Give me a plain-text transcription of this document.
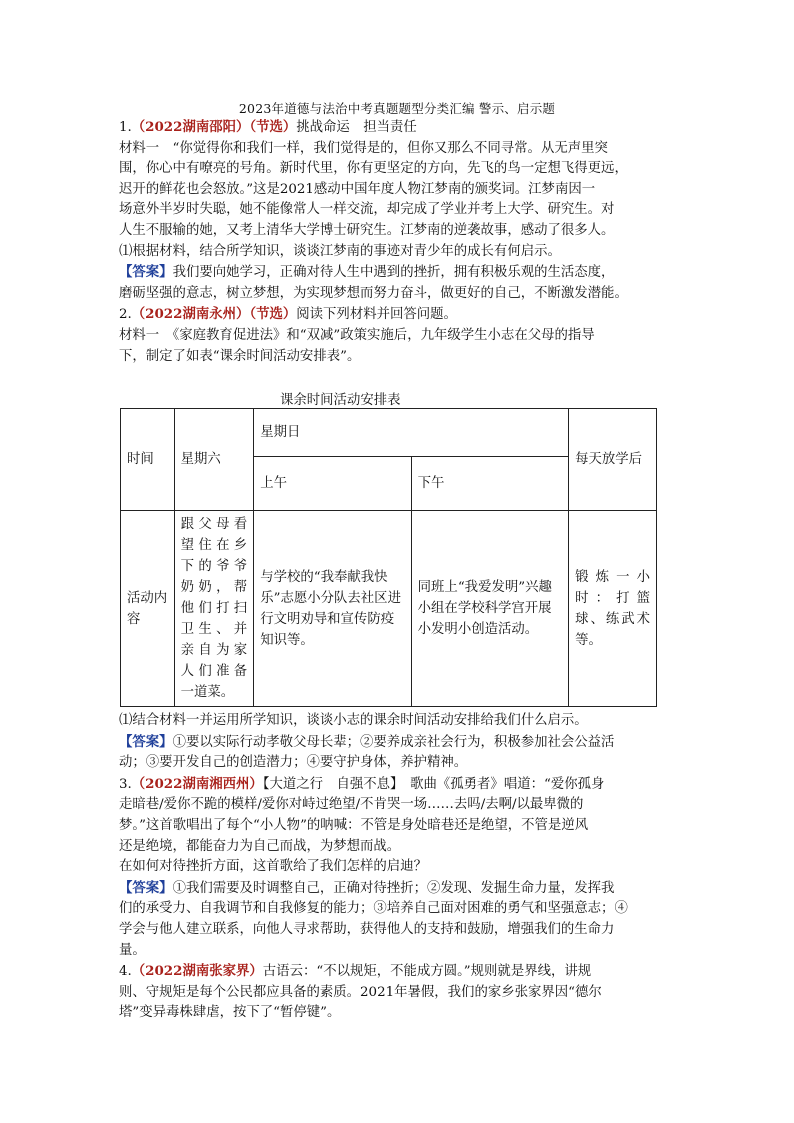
2023年道德与法治中考真题题型分类汇编 警示、启示题

1.（2022湖南邵阳）（节选）挑战命运　担当责任

材料一　“你觉得你和我们一样，我们觉得是的，但你又那么不同寻常。从无声里突

围，你心中有嘹亮的号角。新时代里，你有更坚定的方向，先飞的鸟一定想飞得更远，

迟开的鲜花也会怒放。”这是2021感动中国年度人物江梦南的颁奖词。江梦南因一

场意外半岁时失聪，她不能像常人一样交流，却完成了学业并考上大学、研究生。对

人生不服输的她，又考上清华大学博士研究生。江梦南的逆袭故事，感动了很多人。

⑴根据材料，结合所学知识，谈谈江梦南的事迹对青少年的成长有何启示。

【答案】我们要向她学习，正确对待人生中遇到的挫折，拥有积极乐观的生活态度，

磨砺坚强的意志，树立梦想，为实现梦想而努力奋斗，做更好的自己，不断激发潜能。

2.（2022湖南永州）（节选）阅读下列材料并回答问题。

材料一　《家庭教育促进法》和“双减”政策实施后，九年级学生小志在父母的指导

下，制定了如表“课余时间活动安排表”。

课余时间活动安排表
时间	星期六	星期日		每天放学后
		上午	下午	
活动内容	跟父母看望住在乡下的爷爷奶奶，帮他们打扫卫生、并亲自为家人们准备一道菜。	与学校的“我奉献我快乐”志愿小分队去社区进行文明劝导和宣传防疫知识等。	同班上“我爱发明”兴趣小组在学校科学宫开展小发明小创造活动。	锻炼一小时：打篮球、练武术等。

⑴结合材料一并运用所学知识，谈谈小志的课余时间活动安排给我们什么启示。

【答案】①要以实际行动孝敬父母长辈；②要养成亲社会行为，积极参加社会公益活

动；③要开发自己的创造潜力；④要守护身体，养护精神。

3.（2022湖南湘西州）【大道之行　自强不息】　歌曲《孤勇者》唱道：“爱你孤身

走暗巷/爱你不跪的模样/爱你对峙过绝望/不肯哭一场……去吗/去啊/以最卑微的

梦。”这首歌唱出了每个“小人物”的呐喊：不管是身处暗巷还是绝望，不管是逆风

还是绝境，都能奋力为自己而战，为梦想而战。

在如何对待挫折方面，这首歌给了我们怎样的启迪？

【答案】①我们需要及时调整自己，正确对待挫折；②发现、发掘生命力量，发挥我

们的承受力、自我调节和自我修复的能力；③培养自己面对困难的勇气和坚强意志；④

学会与他人建立联系，向他人寻求帮助，获得他人的支持和鼓励，增强我们的生命力

量。

4.（2022湖南张家界）古语云：“不以规矩，不能成方圆。”规则就是界线，讲规

则、守规矩是每个公民都应具备的素质。2021年暑假，我们的家乡张家界因“德尔

塔”变异毒株肆虐，按下了“暂停键”。
